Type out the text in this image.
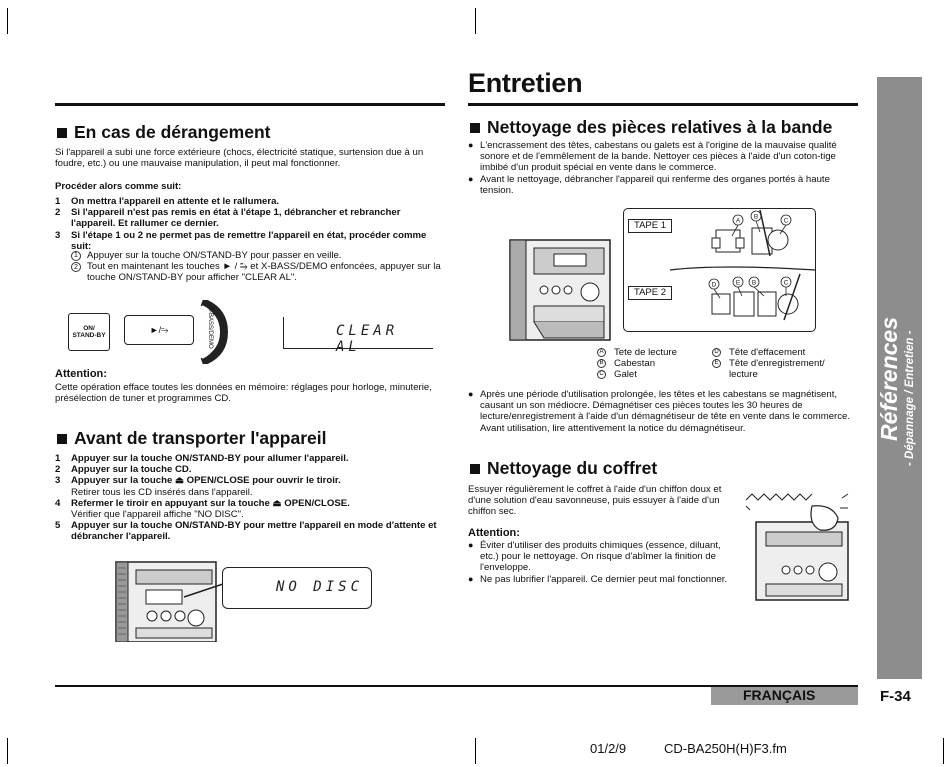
Entretien
En cas de dérangement
Si l'appareil a subi une force extérieure (chocs, électricité statique, surtension due à un foudre, etc.) ou une mauvaise manipulation, il peut mal fonctionner.
Procéder alors comme suit:
1	On mettra l'appareil en attente et le rallumera.
2	Si l'appareil n'est pas remis en état à l'étape 1, débrancher et rebrancher l'appareil. Et rallumer ce dernier.
3	Si l'étape 1 ou 2 ne permet pas de remettre l'appareil en état, procéder comme suit:
1 Appuyer sur la touche ON/STAND-BY pour passer en veille.
2 Tout en maintenant les touches ► / ⥲ et X-BASS/DEMO enfoncées, appuyer sur la touche ON/STAND-BY pour afficher "CLEAR AL".
ON/
STAND-BY
►/⥲	X-BASS/DEMO	CLEAR AL
Attention:
Cette opération efface toutes les données en mémoire: réglages pour horloge, minuterie, présélection de tuner et programmes CD.
Avant de transporter l'appareil
1	Appuyer sur la touche ON/STAND-BY pour allumer l'appareil.
2	Appuyer sur la touche CD.
3	Appuyer sur la touche ⏏ OPEN/CLOSE pour ouvrir le tiroir.
Retirer tous les CD insérés dans l'appareil.
4	Refermer le tiroir en appuyant sur la touche ⏏ OPEN/CLOSE.
Vérifier que l'appareil affiche "NO DISC".
5	Appuyer sur la touche ON/STAND-BY pour mettre l'appareil en mode d'attente et débrancher l'appareil.
NO DISC
Nettoyage des pièces relatives à la bande
● L'encrassement des têtes, cabestans ou galets est à l'origine de la mauvaise qualité sonore et de l'emmêlement de la bande. Nettoyer ces pièces à l'aide d'un coton-tige imbibé d'un produit spécial en vente dans le commerce.
● Avant le nettoyage, débrancher l'appareil qui renferme des organes portés à haute tension.
TAPE 1
TAPE 2
A
B
C
D	E B	C
A Tete de lecture
B Cabestan
C Galet
D Tête d'effacement
E Tête d'enregistrement/ lecture
● Après une période d'utilisation prolongée, les têtes et les cabestans se magnétisent, causant un son médiocre. Démagnétiser ces pièces toutes les 30 heures de lecture/enregistrement à l'aide d'un démagnétiseur de tête en vente dans le commerce. Avant utilisation, lire attentivement la notice du démagnétiseur.
Nettoyage du coffret
Essuyer régulièrement le coffret à l'aide d'un chiffon doux et d'une solution d'eau savonneuse, puis essuyer à l'aide d'un chiffon sec.
Attention:
● Éviter d'utiliser des produits chimiques (essence, diluant, etc.) pour le nettoyage. On risque d'abîmer la finition de l'enveloppe.
● Ne pas lubrifier l'appareil. Ce dernier peut mal fonctionner.
Références - Dépannage / Entretien -
FRANÇAIS	F-34
01/2/9	CD-BA250H(H)F3.fm
